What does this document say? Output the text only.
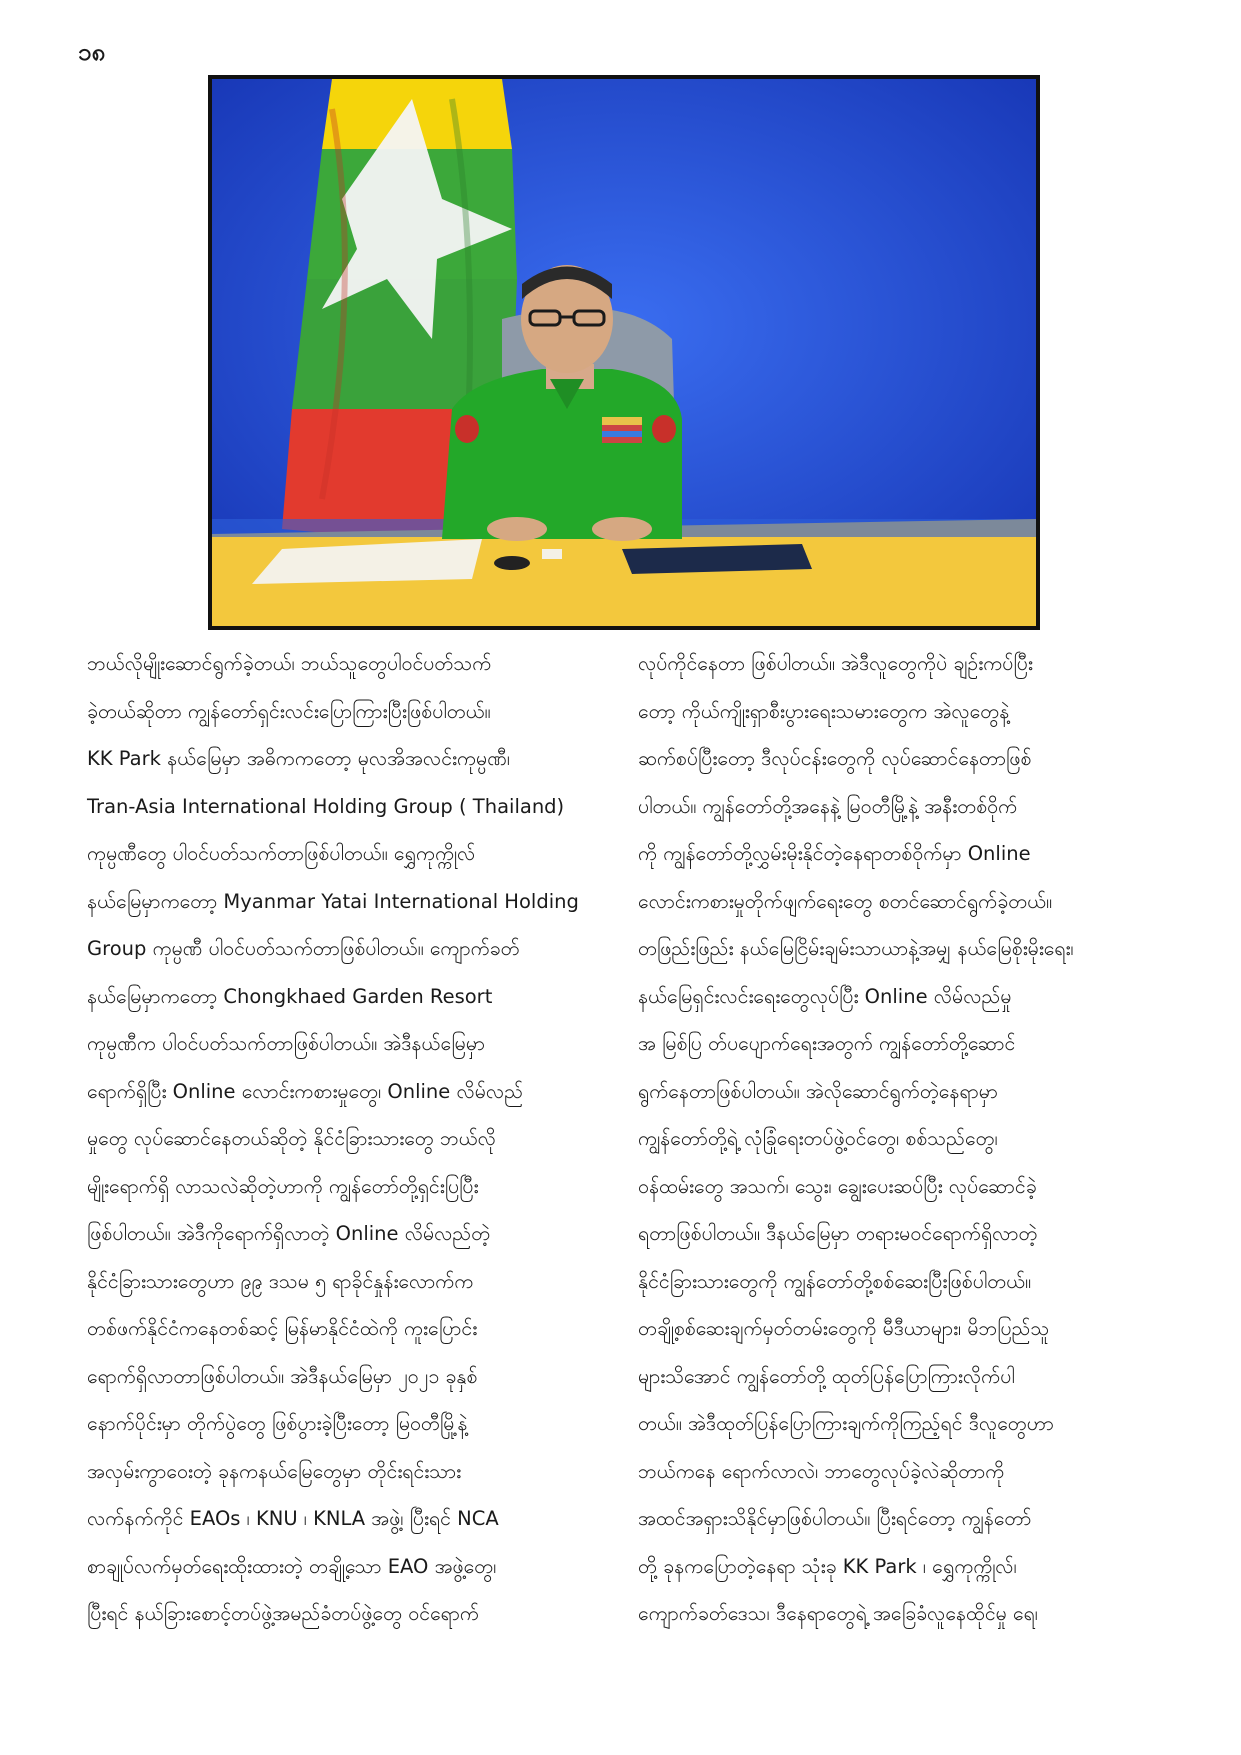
၁၈

ဘယ်လိုမျိုးဆောင်ရွက်ခဲ့တယ်၊ ဘယ်သူတွေပါဝင်ပတ်သက်

ခဲ့တယ်ဆိုတာ ကျွန်တော်ရှင်းလင်းပြောကြားပြီးဖြစ်ပါတယ်။

KK Park နယ်မြေမှာ အဓိကကတော့ မုလအိအလင်းကုမ္ပဏီ၊

Tran-Asia International Holding Group ( Thailand)

ကုမ္ပဏီတွေ ပါဝင်ပတ်သက်တာဖြစ်ပါတယ်။ ရွှေကုက္ကိုလ်

နယ်မြေမှာကတော့ Myanmar Yatai International Holding

Group ကုမ္ပဏီ ပါဝင်ပတ်သက်တာဖြစ်ပါတယ်။ ကျောက်ခတ်

နယ်မြေမှာကတော့ Chongkhaed Garden Resort

ကုမ္ပဏီက ပါဝင်ပတ်သက်တာဖြစ်ပါတယ်။ အဲဒီနယ်မြေမှာ

ရောက်ရှိပြီး Online လောင်းကစားမှုတွေ၊ Online လိမ်လည်

မှုတွေ လုပ်ဆောင်နေတယ်ဆိုတဲ့ နိုင်ငံခြားသားတွေ ဘယ်လို

မျိုးရောက်ရှိ လာသလဲဆိုတဲ့ဟာကို ကျွန်တော်တို့ရှင်းပြပြီး

ဖြစ်ပါတယ်။ အဲဒီကိုရောက်ရှိလာတဲ့ Online လိမ်လည်တဲ့

နိုင်ငံခြားသားတွေဟာ ၉၉ ဒသမ ၅ ရာခိုင်နှုန်းလောက်က

တစ်ဖက်နိုင်ငံကနေတစ်ဆင့် မြန်မာနိုင်ငံထဲကို ကူးပြောင်း

ရောက်ရှိလာတာဖြစ်ပါတယ်။ အဲဒီနယ်မြေမှာ ၂၀၂၁ ခုနှစ်

နောက်ပိုင်းမှာ တိုက်ပွဲတွေ ဖြစ်ပွားခဲ့ပြီးတော့ မြဝတီမြို့နဲ့

အလှမ်းကွာဝေးတဲ့ ခုနကနယ်မြေတွေမှာ တိုင်းရင်းသား

လက်နက်ကိုင် EAOs ၊ KNU ၊ KNLA အဖွဲ့၊ ပြီးရင် NCA

စာချုပ်လက်မှတ်ရေးထိုးထားတဲ့ တချို့သော EAO အဖွဲ့တွေ၊

ပြီးရင် နယ်ခြားစောင့်တပ်ဖွဲ့အမည်ခံတပ်ဖွဲ့တွေ ဝင်ရောက်

လုပ်ကိုင်နေတာ ဖြစ်ပါတယ်။ အဲဒီလူတွေကိုပဲ ချဉ်းကပ်ပြီး

တော့ ကိုယ်ကျိုးရှာစီးပွားရေးသမားတွေက အဲလူတွေနဲ့

ဆက်စပ်ပြီးတော့ ဒီလုပ်ငန်းတွေကို လုပ်ဆောင်နေတာဖြစ်

ပါတယ်။ ကျွန်တော်တို့အနေနဲ့ မြဝတီမြို့နဲ့ အနီးတစ်ဝိုက်

ကို ကျွန်တော်တို့လွှမ်းမိုးနိုင်တဲ့နေရာတစ်ဝိုက်မှာ Online

လောင်းကစားမှုတိုက်ဖျက်ရေးတွေ စတင်ဆောင်ရွက်ခဲ့တယ်။

တဖြည်းဖြည်း နယ်မြေငြိမ်းချမ်းသာယာနဲ့အမျှ နယ်မြေစိုးမိုးရေး၊

နယ်မြေရှင်းလင်းရေးတွေလုပ်ပြီး Online လိမ်လည်မှု

အ မြစ်ပြ တ်ပပျောက်ရေးအတွက် ကျွန်တော်တို့ဆောင်

ရွက်နေတာဖြစ်ပါတယ်။ အဲလိုဆောင်ရွက်တဲ့နေရာမှာ

ကျွန်တော်တို့ရဲ့ လုံခြုံရေးတပ်ဖွဲ့ဝင်တွေ၊ စစ်သည်တွေ၊

ဝန်ထမ်းတွေ အသက်၊ သွေး၊ ချွေးပေးဆပ်ပြီး လုပ်ဆောင်ခဲ့

ရတာဖြစ်ပါတယ်။ ဒီနယ်မြေမှာ တရားမဝင်ရောက်ရှိလာတဲ့

နိုင်ငံခြားသားတွေကို ကျွန်တော်တို့စစ်ဆေးပြီးဖြစ်ပါတယ်။

တချို့စစ်ဆေးချက်မှတ်တမ်းတွေကို မီဒီယာများ၊ မိဘပြည်သူ

များသိအောင် ကျွန်တော်တို့ ထုတ်ပြန်ပြောကြားလိုက်ပါ

တယ်။ အဲဒီထုတ်ပြန်ပြောကြားချက်ကိုကြည့်ရင် ဒီလူတွေဟာ

ဘယ်ကနေ ရောက်လာလဲ၊ ဘာတွေလုပ်ခဲ့လဲဆိုတာကို

အထင်အရှားသိနိုင်မှာဖြစ်ပါတယ်။ ပြီးရင်တော့ ကျွန်တော်

တို့ ခုနကပြောတဲ့နေရာ သုံးခု KK Park ၊ ရွှေကုက္ကိုလ်၊

ကျောက်ခတ်ဒေသ၊ ဒီနေရာတွေရဲ့ အခြေခံလူနေထိုင်မှု ရေ၊
